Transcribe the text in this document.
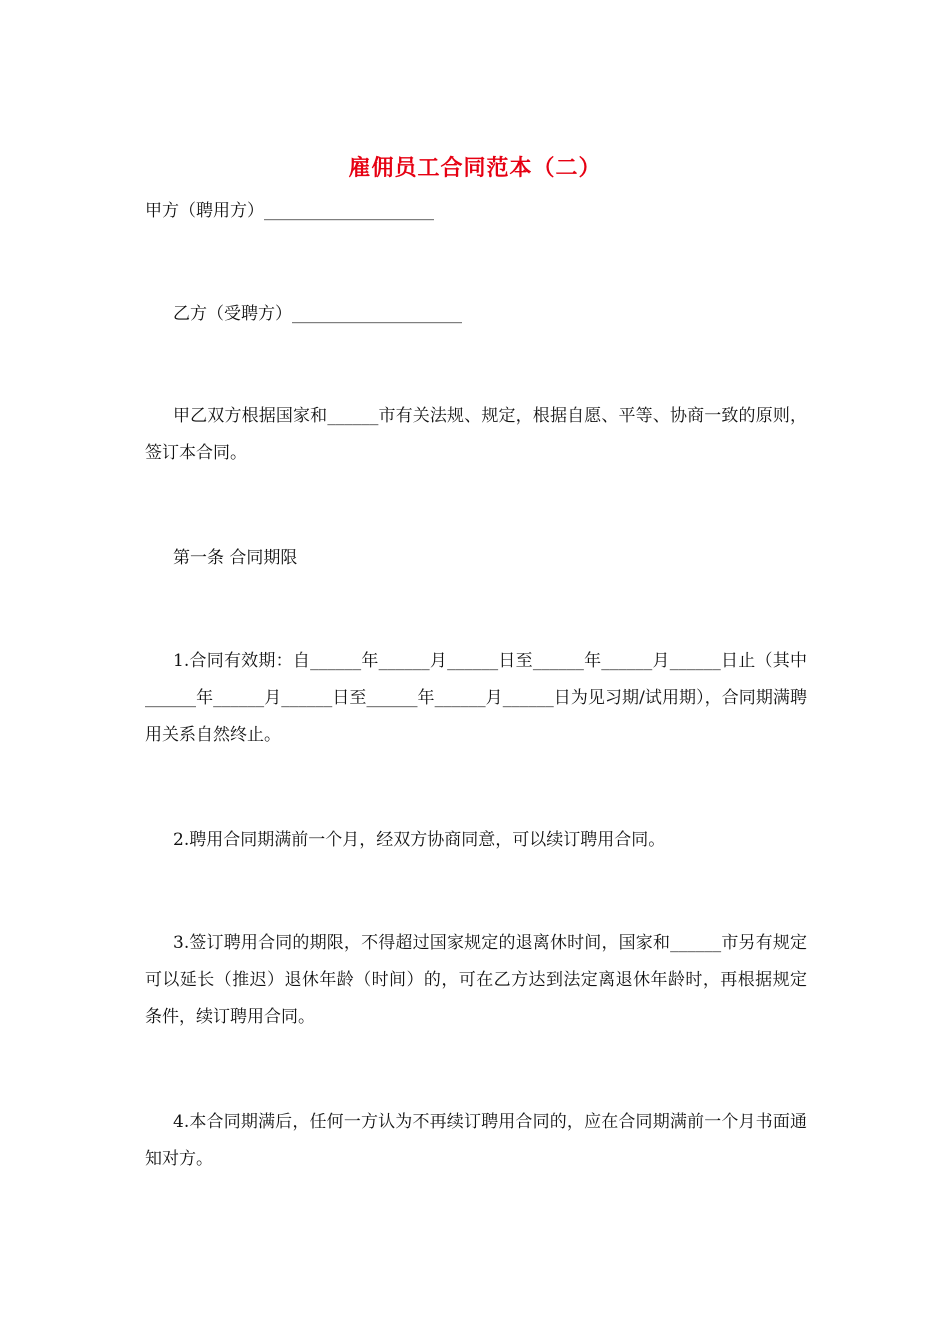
雇佣员工合同范本（二）

甲方（聘用方）____________________

乙方（受聘方）____________________

甲乙双方根据国家和______市有关法规、规定，根据自愿、平等、协商一致的原则，签订本合同。

第一条 合同期限

1.合同有效期：自______年______月______日至______年______月______日止（其中______年______月______日至______年______月______日为见习期/试用期），合同期满聘用关系自然终止。

2.聘用合同期满前一个月，经双方协商同意，可以续订聘用合同。

3.签订聘用合同的期限，不得超过国家规定的退离休时间，国家和______市另有规定可以延长（推迟）退休年龄（时间）的，可在乙方达到法定离退休年龄时，再根据规定条件，续订聘用合同。

4.本合同期满后，任何一方认为不再续订聘用合同的，应在合同期满前一个月书面通知对方。
